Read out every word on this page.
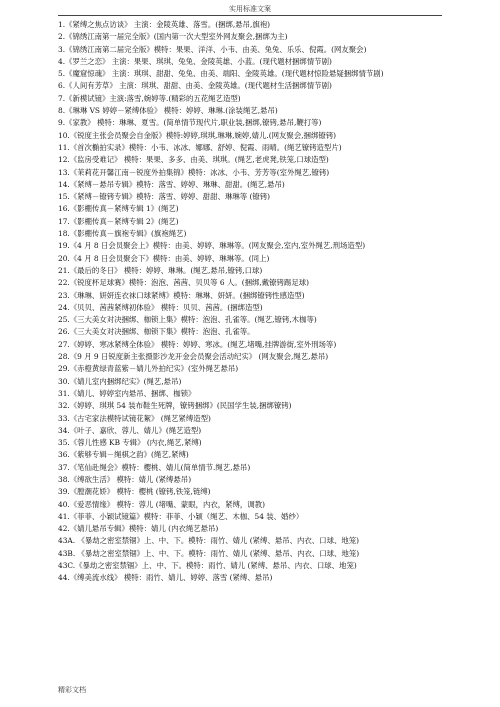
实用标准文案
1.《紧缚之焦点访谈》 主演：金陵英雄、落雪。(捆绑,悬吊,旗袍)
2.《锦绣江南第一届完全版》(国内第一次大型室外网友聚会,捆绑为主)
3.《锦绣江南第二届完全版》模特：果果、洋洋、小韦、由美、兔兔、乐乐、倪霞。(网友聚会)
4.《罗兰之恋》 主演：果果、琪琪、兔兔、金陵英雄、小蓝。(现代题材捆绑情节剧)
5.《魔窟惊魂》 主演：琪琪、甜甜、兔兔、由美、端阳、金陵英雄。(现代题材惊险悬疑捆绑情节剧)
6.《人间有芳草》 主演：琪琪、甜甜、由美、金陵英雄。(现代题材生活捆绑情节剧)
7.《新模试镜》主演:落雪,婉婷等.(精彩的五花绳艺造型)
8.《琳琳 VS 婷婷－紧缚体验》 模特：婷婷、琳琳.(涂装绳艺,悬吊)
9.《家教》 模特：琳琳、夏雪。(简单情节现代片,职业装,捆绑,镣铐,悬吊,鞭打等)
10.《锐度主张会员聚会自金版》模特:婷婷,琪琪,琳琳,婉婷,婧儿.(网友聚会,捆绑镣铐)
11.《首次椭拍实录》模特：小韦、冰冰、娜娜、舒婷、倪霞、雨晴。(绳艺镣铐造型片)
12.《监房受难记》 模特：果果、多多、由美、琪琪。(绳艺,老虎凳,铁笼,口球造型)
13.《茉莉花开馨江南－锐度外拍集锦》模特：冰冰、小韦、芳芳等(室外绳艺,镣铐)
14.《紧缚－悬吊专辑》模特：落雪、婷婷、琳琳、甜甜。(绳艺,悬吊)
15.《紧缚－镣铐专辑》模特：落雪、婷婷、甜甜、琳琳等 (镣铐)
16.《影棚传真－紧缚专辑 1》(绳艺)
17.《影棚传真－紧缚专辑 2》(绳艺)
18.《影棚传真－旗袍专辑》(旗袍绳艺)
19.《4 月 8 日会员聚会上》模特：由美、婷婷、琳琳等。(网友聚会,室内,室外绳艺,刑场造型)
20.《4 月 8 日会员聚会下》模特：由美、婷婷、琳琳等。(同上)
21.《最后的冬日》 模特：婷婷、琳琳。(绳艺,悬吊,镣铐,口球)
22.《锐度杯足球赛》模特：泡泡、茜茜、贝贝等 6 人。(捆绑,戴镣铐踢足球)
23.《琳琳、妍妍连衣袜口球紧缚》模特：琳琳、妍妍。(捆绑镣铐性感造型)
24.《贝贝、茜茜紧缚初体验》 模特：贝贝、茜茜。(捆绑造型)
25.《三大美女对决捆绑、枷锁上集》模特：泡泡、孔雀等。(绳艺,镣铐,木枷等)
26.《三大美女对决捆绑、枷锁下集》模特：泡泡、孔雀等。
27.《婷婷、寒冰紧缚全体验》 模特：婷婷、寒冰。(绳艺,堵嘴,挂牌游街,室外刑场等)
28.《9 月 9 日锐度新主张摄影沙龙开金会员聚会活动纪实》 (网友聚会,绳艺,悬吊)
29.《赤橙黄绿青蓝紫－婧儿外拍纪实》(室外绳艺悬吊)
30.《婧儿室内捆绑纪实》(绳艺,悬吊)
31.《婧儿、婷婷室内悬吊、捆绑、枷锁》
32.《婷婷、琪琪 54 装布鞋生死牌，镣铐捆绑》(民国学生装,捆绑镣铐)
33.《古宅家法模特试镜花絮》 (绳艺紧缚造型)
34.《叶子、嘉欣、蓉儿、婧儿》(绳艺造型)
35.《蓉儿性感 KB 专辑》 (内衣,绳艺,紧缚)
36.《紫够专辑－绳棋之韵》(绳艺,紧缚)
37.《笔仙赴绳会》模特：樱桃、婧儿(简单情节.绳艺,悬吊)
38.《缚欲生活》 模特：婧儿 (紧缚悬吊)
39.《膛潮花娇》 模特：樱桃 (镣铐,铁笼,链缚)
40.《爱恶情缘》 模特：蓉儿 (堵嘴、蒙眼，内衣，紧缚，调教)
41.《菲菲、小颖试镜篇》模特：菲菲、小颖（绳艺、木枷、54 装、婚纱）
42.《婧儿悬吊专辑》模特：婧儿 (内衣绳艺悬吊)
43A. 《暴劫之密室禁锢》上、中、下。模特：雨竹、婧儿 (紧缚、悬吊、内衣、口球、地笼)
43B. 《暴劫之密室禁锢》上、中、下。模特：雨竹、婧儿 (紧缚、悬吊、内衣、口球、地笼)
43C.《暴劫之密室禁锢》上、中、下。模特：雨竹、婧儿 (紧缚、悬吊、内衣、口球、地笼)
44.《缚美流水线》 模特：雨竹、婧儿、婷婷、落雪 (紧缚、悬吊)
精彩文档
